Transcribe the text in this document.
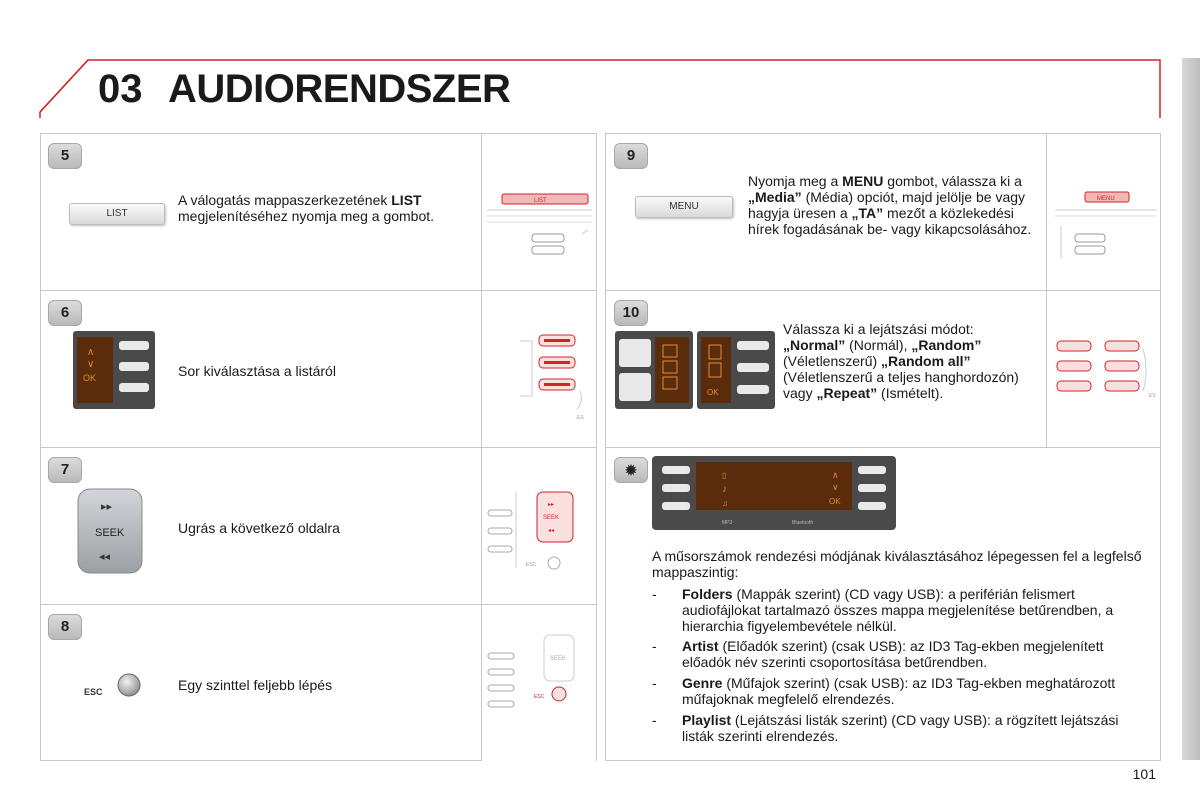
03 AUDIORENDSZER
5
LIST
A válogatás mappaszerkezetének LIST megjelenítéséhez nyomja meg a gombot.
LIST
6
∧
∨
OK	Sor kiválasztása a listáról
ES
7
▸▸
SEEK
◂◂
Ugrás a következő oldalra
▸▸
SEEK
◂◂
ESC
8
ESC	Egy szinttel feljebb lépés
SEEK
ESC
9
MENU
Nyomja meg a MENU gombot, válassza ki a „Media” (Média) opciót, majd jelölje be vagy hagyja üresen a „TA” mezőt a közlekedési hírek fogadásának be- vagy kikapcsolásához.
MENU
10
OK
Válassza ki a lejátszási módot: „Normal” (Normál), „Random” (Véletlenszerű) „Random all” (Véletlenszerű a teljes hanghordozón) vagy „Repeat” (Ismételt).	ES
✹	▯
♪
♫
∧
∨
OK
MP3	Bluetooth
A műsorszámok rendezési módjának kiválasztásához lépegessen fel a legfelső mappaszintig:
- Folders (Mappák szerint) (CD vagy USB): a periférián felismert audiofájlokat tartalmazó összes mappa megjelenítése betűrendben, a hierarchia figyelembevétele nélkül.
- Artist (Előadók szerint) (csak USB): az ID3 Tag-ekben megjelenített előadók név szerinti csoportosítása betűrendben.
- Genre (Műfajok szerint) (csak USB): az ID3 Tag-ekben meghatározott műfajoknak megfelelő elrendezés.
- Playlist (Lejátszási listák szerint) (CD vagy USB): a rögzített lejátszási listák szerinti elrendezés.
101
